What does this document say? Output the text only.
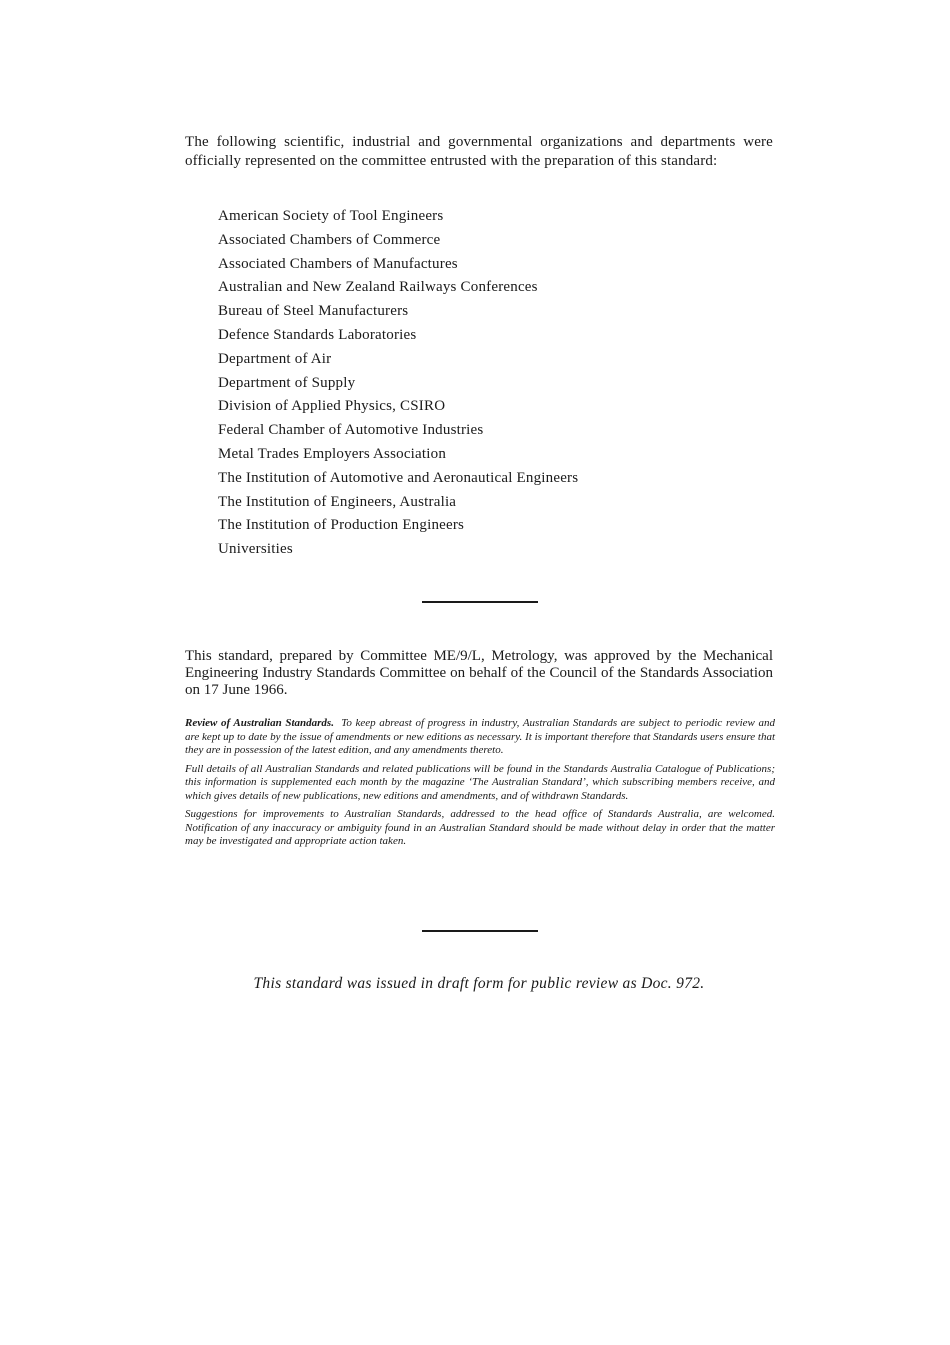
The following scientific, industrial and governmental organizations and departments were officially represented on the committee entrusted with the preparation of this standard:

American Society of Tool Engineers
Associated Chambers of Commerce
Associated Chambers of Manufactures
Australian and New Zealand Railways Conferences
Bureau of Steel Manufacturers
Defence Standards Laboratories
Department of Air
Department of Supply
Division of Applied Physics, CSIRO
Federal Chamber of Automotive Industries
Metal Trades Employers Association
The Institution of Automotive and Aeronautical Engineers
The Institution of Engineers, Australia
The Institution of Production Engineers
Universities

This standard, prepared by Committee ME/9/L, Metrology, was approved by the Mechanical Engineering Industry Standards Committee on behalf of the Council of the Standards Association on 17 June 1966.

Review of Australian Standards. To keep abreast of progress in industry, Australian Standards are subject to periodic review and are kept up to date by the issue of amendments or new editions as necessary. It is important therefore that Standards users ensure that they are in possession of the latest edition, and any amendments thereto.

Full details of all Australian Standards and related publications will be found in the Standards Australia Catalogue of Publications; this information is supplemented each month by the magazine ‘The Australian Standard’, which subscribing members receive, and which gives details of new publications, new editions and amendments, and of withdrawn Standards.

Suggestions for improvements to Australian Standards, addressed to the head office of Standards Australia, are welcomed. Notification of any inaccuracy or ambiguity found in an Australian Standard should be made without delay in order that the matter may be investigated and appropriate action taken.

This standard was issued in draft form for public review as Doc. 972.
